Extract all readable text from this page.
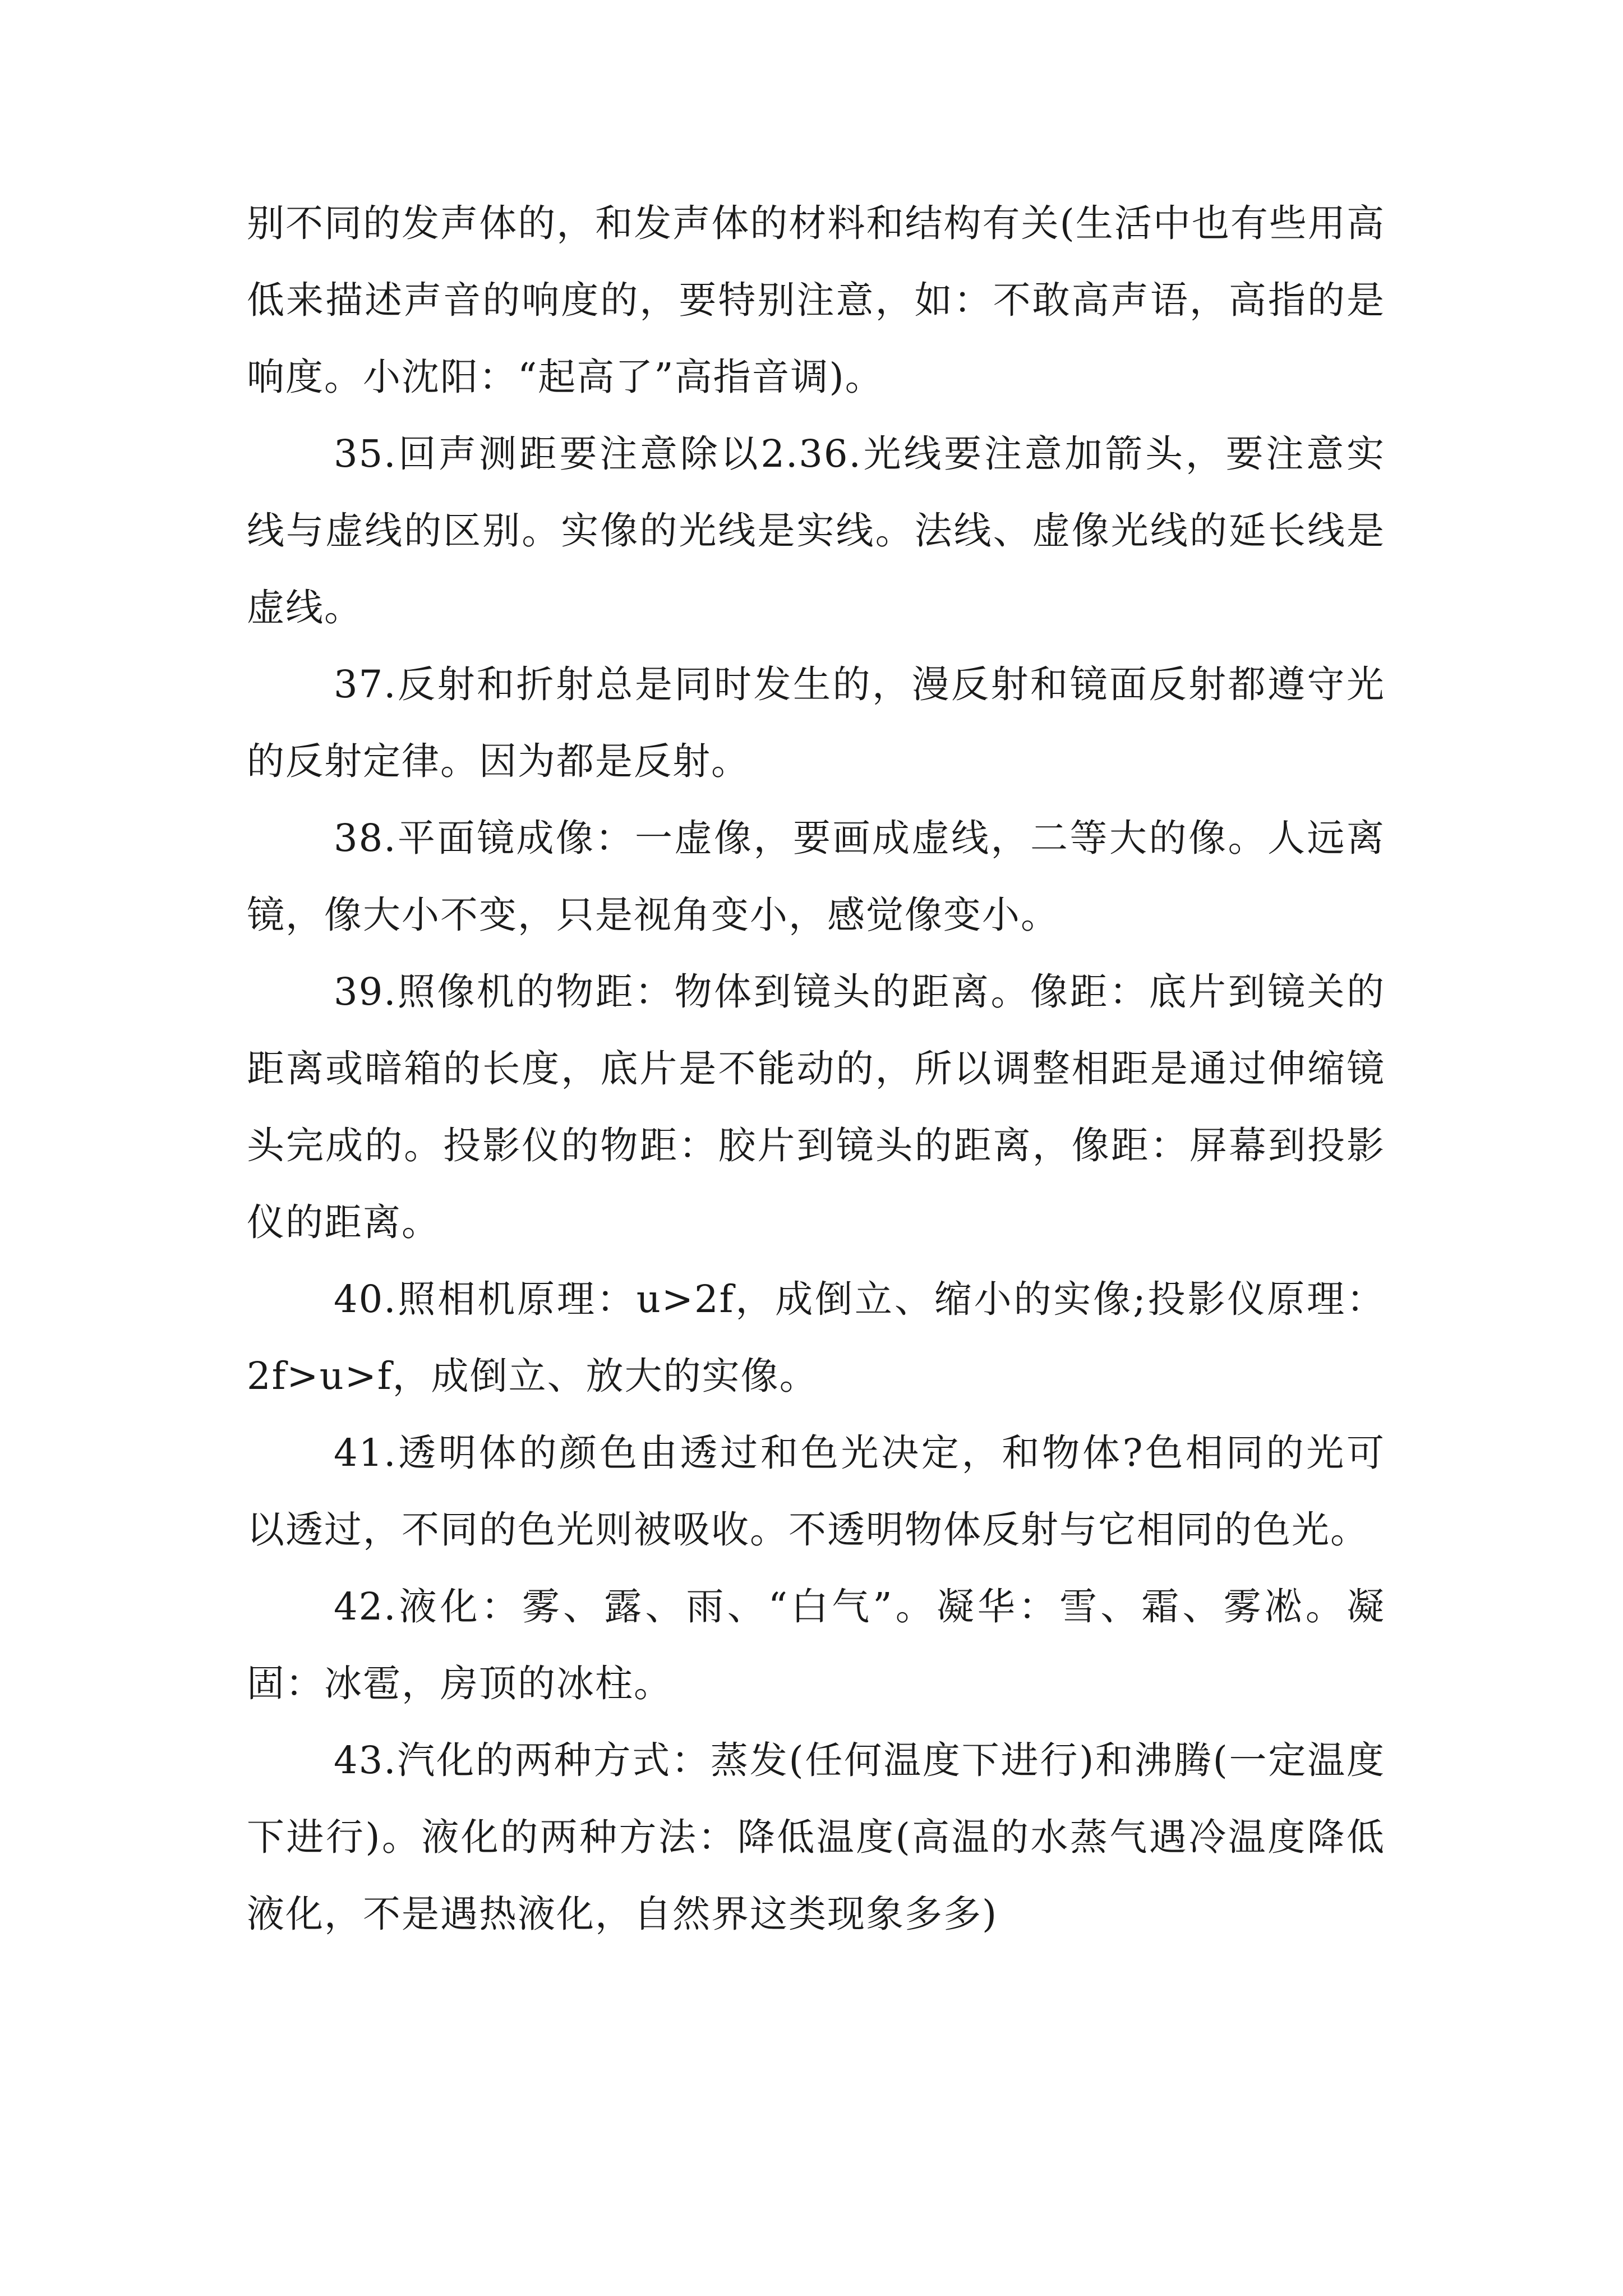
别不同的发声体的，和发声体的材料和结构有关(生活中也有些用高低来描述声音的响度的，要特别注意，如：不敢高声语，高指的是响度。小沈阳：“起高了”高指音调)。

35.回声测距要注意除以2.36.光线要注意加箭头，要注意实线与虚线的区别。实像的光线是实线。法线、虚像光线的延长线是虚线。

37.反射和折射总是同时发生的，漫反射和镜面反射都遵守光的反射定律。因为都是反射。

38.平面镜成像：一虚像，要画成虚线，二等大的像。人远离镜，像大小不变，只是视角变小，感觉像变小。

39.照像机的物距：物体到镜头的距离。像距：底片到镜关的距离或暗箱的长度，底片是不能动的，所以调整相距是通过伸缩镜头完成的。投影仪的物距：胶片到镜头的距离，像距：屏幕到投影仪的距离。

40.照相机原理：u>2f，成倒立、缩小的实像;投影仪原理：2f>u>f，成倒立、放大的实像。

41.透明体的颜色由透过和色光决定，和物体?色相同的光可以透过，不同的色光则被吸收。不透明物体反射与它相同的色光。

42.液化：雾、露、雨、“白气”。凝华：雪、霜、雾凇。凝固：冰雹，房顶的冰柱。

43.汽化的两种方式：蒸发(任何温度下进行)和沸腾(一定温度下进行)。液化的两种方法：降低温度(高温的水蒸气遇冷温度降低液化，不是遇热液化，自然界这类现象多多)
